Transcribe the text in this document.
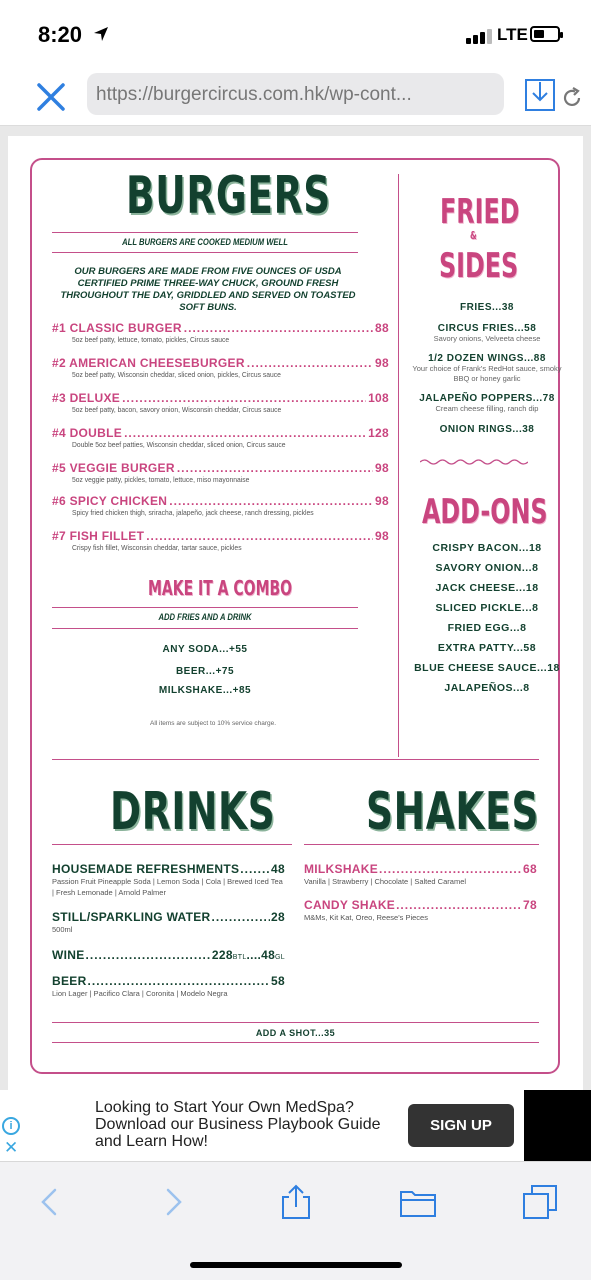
8:20	LTE
https://burgercircus.com.hk/wp-cont...
BURGERS
ALL BURGERS ARE COOKED MEDIUM WELL
OUR BURGERS ARE MADE FROM FIVE OUNCES OF USDA CERTIFIED PRIME THREE-WAY CHUCK, GROUND FRESH THROUGHOUT THE DAY, GRIDDLED AND SERVED ON TOASTED SOFT BUNS.
#1 CLASSIC BURGER .....	88
5oz beef patty, lettuce, tomato, pickles, Circus sauce
#2 AMERICAN CHEESEBURGER .....	98
5oz beef patty, Wisconsin cheddar, sliced onion, pickles, Circus sauce
#3 DELUXE .....	108
5oz beef patty, bacon, savory onion, Wisconsin cheddar, Circus sauce
#4 DOUBLE .....	128
Double 5oz beef patties, Wisconsin cheddar, sliced onion, Circus sauce
#5 VEGGIE BURGER .....	98
5oz veggie patty, pickles, tomato, lettuce, miso mayonnaise
#6 SPICY CHICKEN .....	98
Spicy fried chicken thigh, sriracha, jalapeño, jack cheese, ranch dressing, pickles
#7 FISH FILLET .....	98
Crispy fish fillet, Wisconsin cheddar, tartar sauce, pickles
MAKE IT A COMBO
ADD FRIES AND A DRINK
ANY SODA...+55
BEER...+75
MILKSHAKE...+85
All items are subject to 10% service charge.
FRIED
&
SIDES
FRIES...38
CIRCUS FRIES...58
Savory onions, Velveeta cheese
1/2 DOZEN WINGS...88
Your choice of Frank's RedHot sauce, smoky BBQ or honey garlic
JALAPEÑO POPPERS...78
Cream cheese filling, ranch dip
ONION RINGS...38
ADD-ONS
CRISPY BACON...18
SAVORY ONION...8
JACK CHEESE...18
SLICED PICKLE...8
FRIED EGG...8
EXTRA PATTY...58
BLUE CHEESE SAUCE...18
JALAPEÑOS...8
DRINKS
HOUSEMADE REFRESHMENTS .....	48
Passion Fruit Pineapple Soda | Lemon Soda | Cola | Brewed Iced Tea | Fresh Lemonade | Arnold Palmer
STILL/SPARKLING WATER .....	28
500ml
WINE .....	228 BTL .... 48 GL
BEER .....	58
Lion Lager | Pacifico Clara | Coronita | Modelo Negra
SHAKES
MILKSHAKE .....	68
Vanilla | Strawberry | Chocolate | Salted Caramel
CANDY SHAKE .....	78
M&Ms, Kit Kat, Oreo, Reese's Pieces
ADD A SHOT...35
i
✕
Looking to Start Your Own MedSpa? Download our Business Playbook Guide and Learn How!
SIGN UP
